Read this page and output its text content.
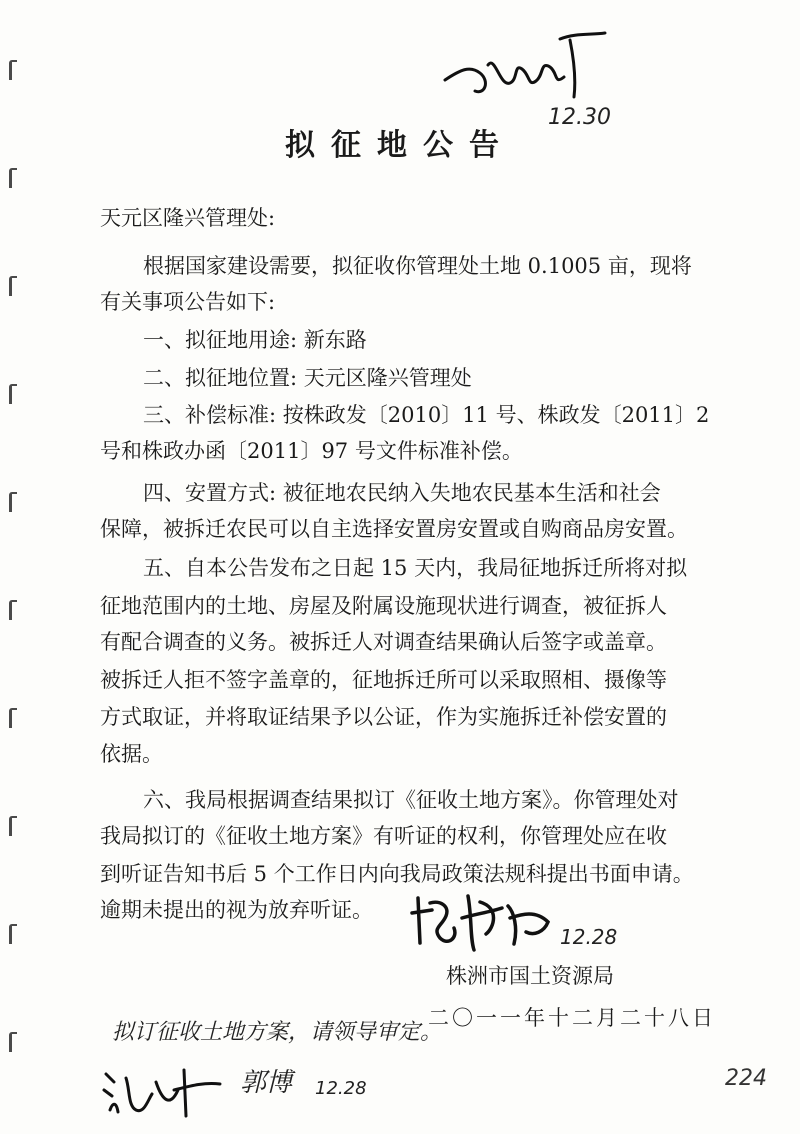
12.30
拟征地公告
天元区隆兴管理处:
根据国家建设需要，拟征收你管理处土地 0.1005 亩，现将
有关事项公告如下:
一、拟征地用途: 新东路
二、拟征地位置: 天元区隆兴管理处
三、补偿标准: 按株政发〔2010〕11 号、株政发〔2011〕2
号和株政办函〔2011〕97 号文件标准补偿。
四、安置方式: 被征地农民纳入失地农民基本生活和社会
保障，被拆迁农民可以自主选择安置房安置或自购商品房安置。
五、自本公告发布之日起 15 天内，我局征地拆迁所将对拟
征地范围内的土地、房屋及附属设施现状进行调查，被征拆人
有配合调查的义务。被拆迁人对调查结果确认后签字或盖章。
被拆迁人拒不签字盖章的，征地拆迁所可以采取照相、摄像等
方式取证，并将取证结果予以公证，作为实施拆迁补偿安置的
依据。
六、我局根据调查结果拟订《征收土地方案》。你管理处对
我局拟订的《征收土地方案》有听证的权利，你管理处应在收
到听证告知书后 5 个工作日内向我局政策法规科提出书面申请。
逾期未提出的视为放弃听证。
12.28
株洲市国土资源局
二〇一一年十二月二十八日
拟订征收土地方案，请领导审定。
郭博 12.28	224
